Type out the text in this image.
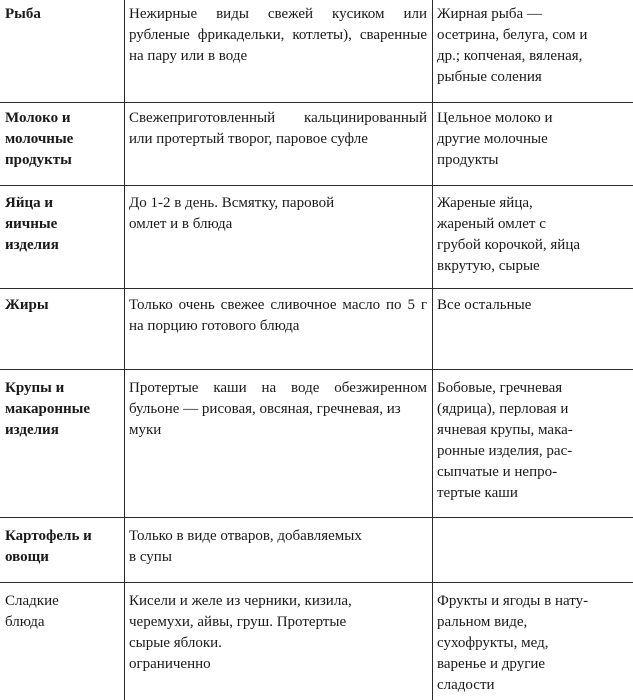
Рыба	Нежирные виды свежей кусиком или рубленые фрикадельки, котлеты), сваренные на пару или в воде
Жирная рыба —
осетрина, белуга, сом и
др.; копченая, вяленая,
рыбные соления
Молоко и
молочные
продукты
Свежеприготовленный кальцинированный или протертый творог, паровое суфле
Цельное молоко и
другие молочные
продукты
Яйца и
яичные
изделия
До 1-2 в день. Всмятку, паровой
омлет и в блюда
Жареные яйца,
жареный омлет с
грубой корочкой, яйца
вкрутую, сырые
Жиры	Только очень свежее сливочное масло по 5 г на порцию готового блюда
Все остальные
Крупы и
макаронные
изделия
Протертые каши на воде обезжиренном бульоне — рисовая, овсяная, гречневая, из
муки
Бобовые, гречневая
(ядрица), перловая и
ячневая крупы, мака-
ронные изделия, рас-
сыпчатые и непро-
тертые каши
Картофель и
овощи
Только в виде отваров, добавляемых
в супы
Сладкие
блюда
Кисели и желе из черники, кизила,
черемухи, айвы, груш. Протертые
сырые яблоки.
ограниченно
Фрукты и ягоды в нату-
ральном виде,
сухофрукты, мед,
варенье и другие
сладости
